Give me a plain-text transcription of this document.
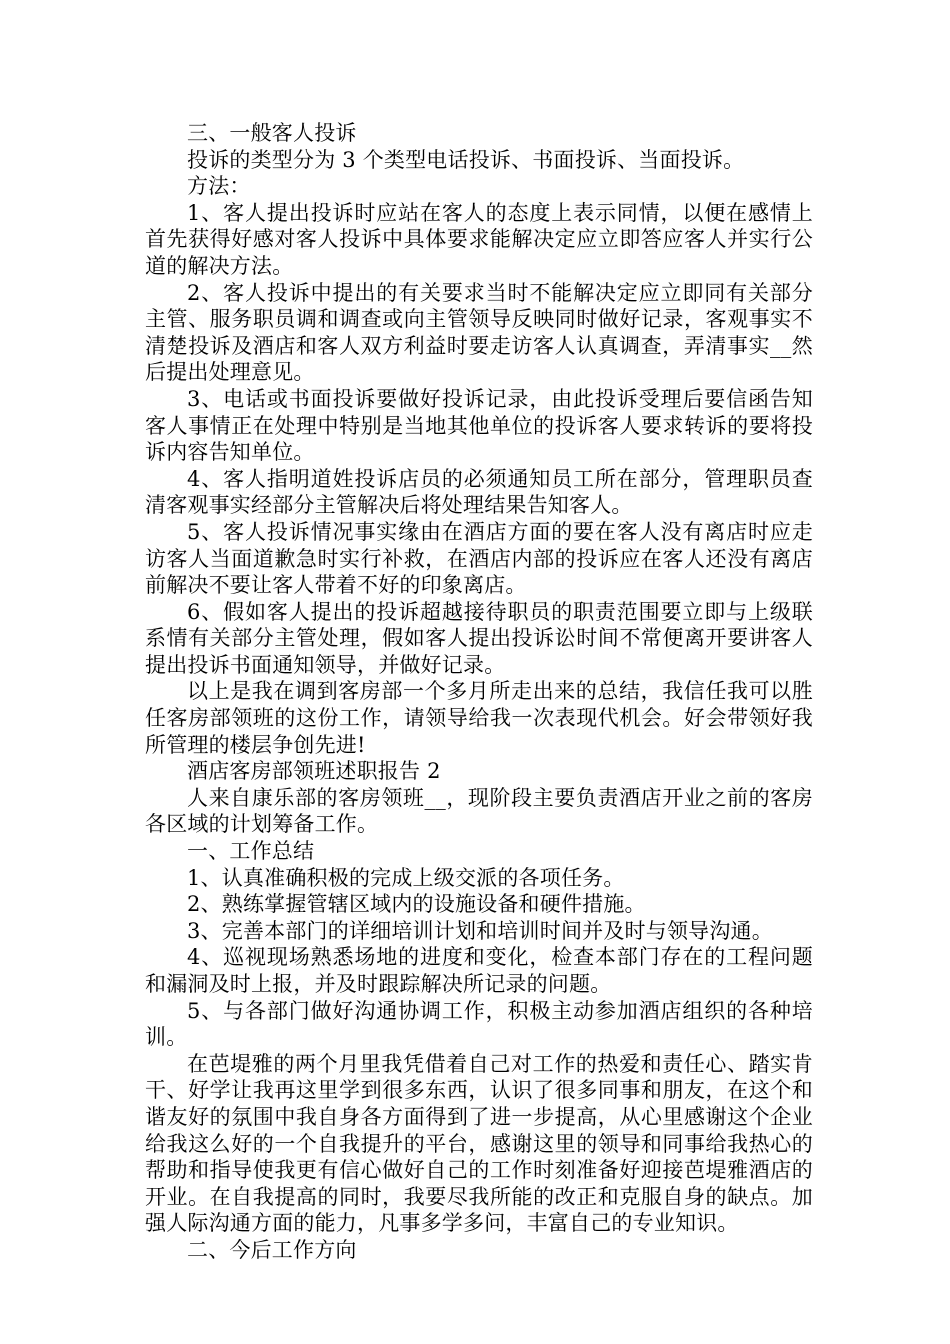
三、一般客人投诉

投诉的类型分为 3 个类型电话投诉、书面投诉、当面投诉。

方法：

1、客人提出投诉时应站在客人的态度上表示同情，以便在感情上首先获得好感对客人投诉中具体要求能解决定应立即答应客人并实行公道的解决方法。

2、客人投诉中提出的有关要求当时不能解决定应立即同有关部分主管、服务职员调和调查或向主管领导反映同时做好记录，客观事实不清楚投诉及酒店和客人双方利益时要走访客人认真调查，弄清事实__然后提出处理意见。

3、电话或书面投诉要做好投诉记录，由此投诉受理后要信函告知客人事情正在处理中特别是当地其他单位的投诉客人要求转诉的要将投诉内容告知单位。

4、客人指明道姓投诉店员的必须通知员工所在部分，管理职员查清客观事实经部分主管解决后将处理结果告知客人。

5、客人投诉情况事实缘由在酒店方面的要在客人没有离店时应走访客人当面道歉急时实行补救，在酒店内部的投诉应在客人还没有离店前解决不要让客人带着不好的印象离店。

6、假如客人提出的投诉超越接待职员的职责范围要立即与上级联系情有关部分主管处理，假如客人提出投诉讼时间不常便离开要讲客人提出投诉书面通知领导，并做好记录。

以上是我在调到客房部一个多月所走出来的总结，我信任我可以胜任客房部领班的这份工作，请领导给我一次表现代机会。好会带领好我所管理的楼层争创先进!

酒店客房部领班述职报告 2

人来自康乐部的客房领班__，现阶段主要负责酒店开业之前的客房各区域的计划筹备工作。

一、工作总结

1、认真准确积极的完成上级交派的各项任务。

2、熟练掌握管辖区域内的设施设备和硬件措施。

3、完善本部门的详细培训计划和培训时间并及时与领导沟通。

4、巡视现场熟悉场地的进度和变化，检查本部门存在的工程问题和漏洞及时上报，并及时跟踪解决所记录的问题。

5、与各部门做好沟通协调工作，积极主动参加酒店组织的各种培训。

在芭堤雅的两个月里我凭借着自己对工作的热爱和责任心、踏实肯干、好学让我再这里学到很多东西，认识了很多同事和朋友，在这个和谐友好的氛围中我自身各方面得到了进一步提高，从心里感谢这个企业给我这么好的一个自我提升的平台，感谢这里的领导和同事给我热心的帮助和指导使我更有信心做好自己的工作时刻准备好迎接芭堤雅酒店的开业。在自我提高的同时，我要尽我所能的改正和克服自身的缺点。加强人际沟通方面的能力，凡事多学多问，丰富自己的专业知识。

二、今后工作方向
